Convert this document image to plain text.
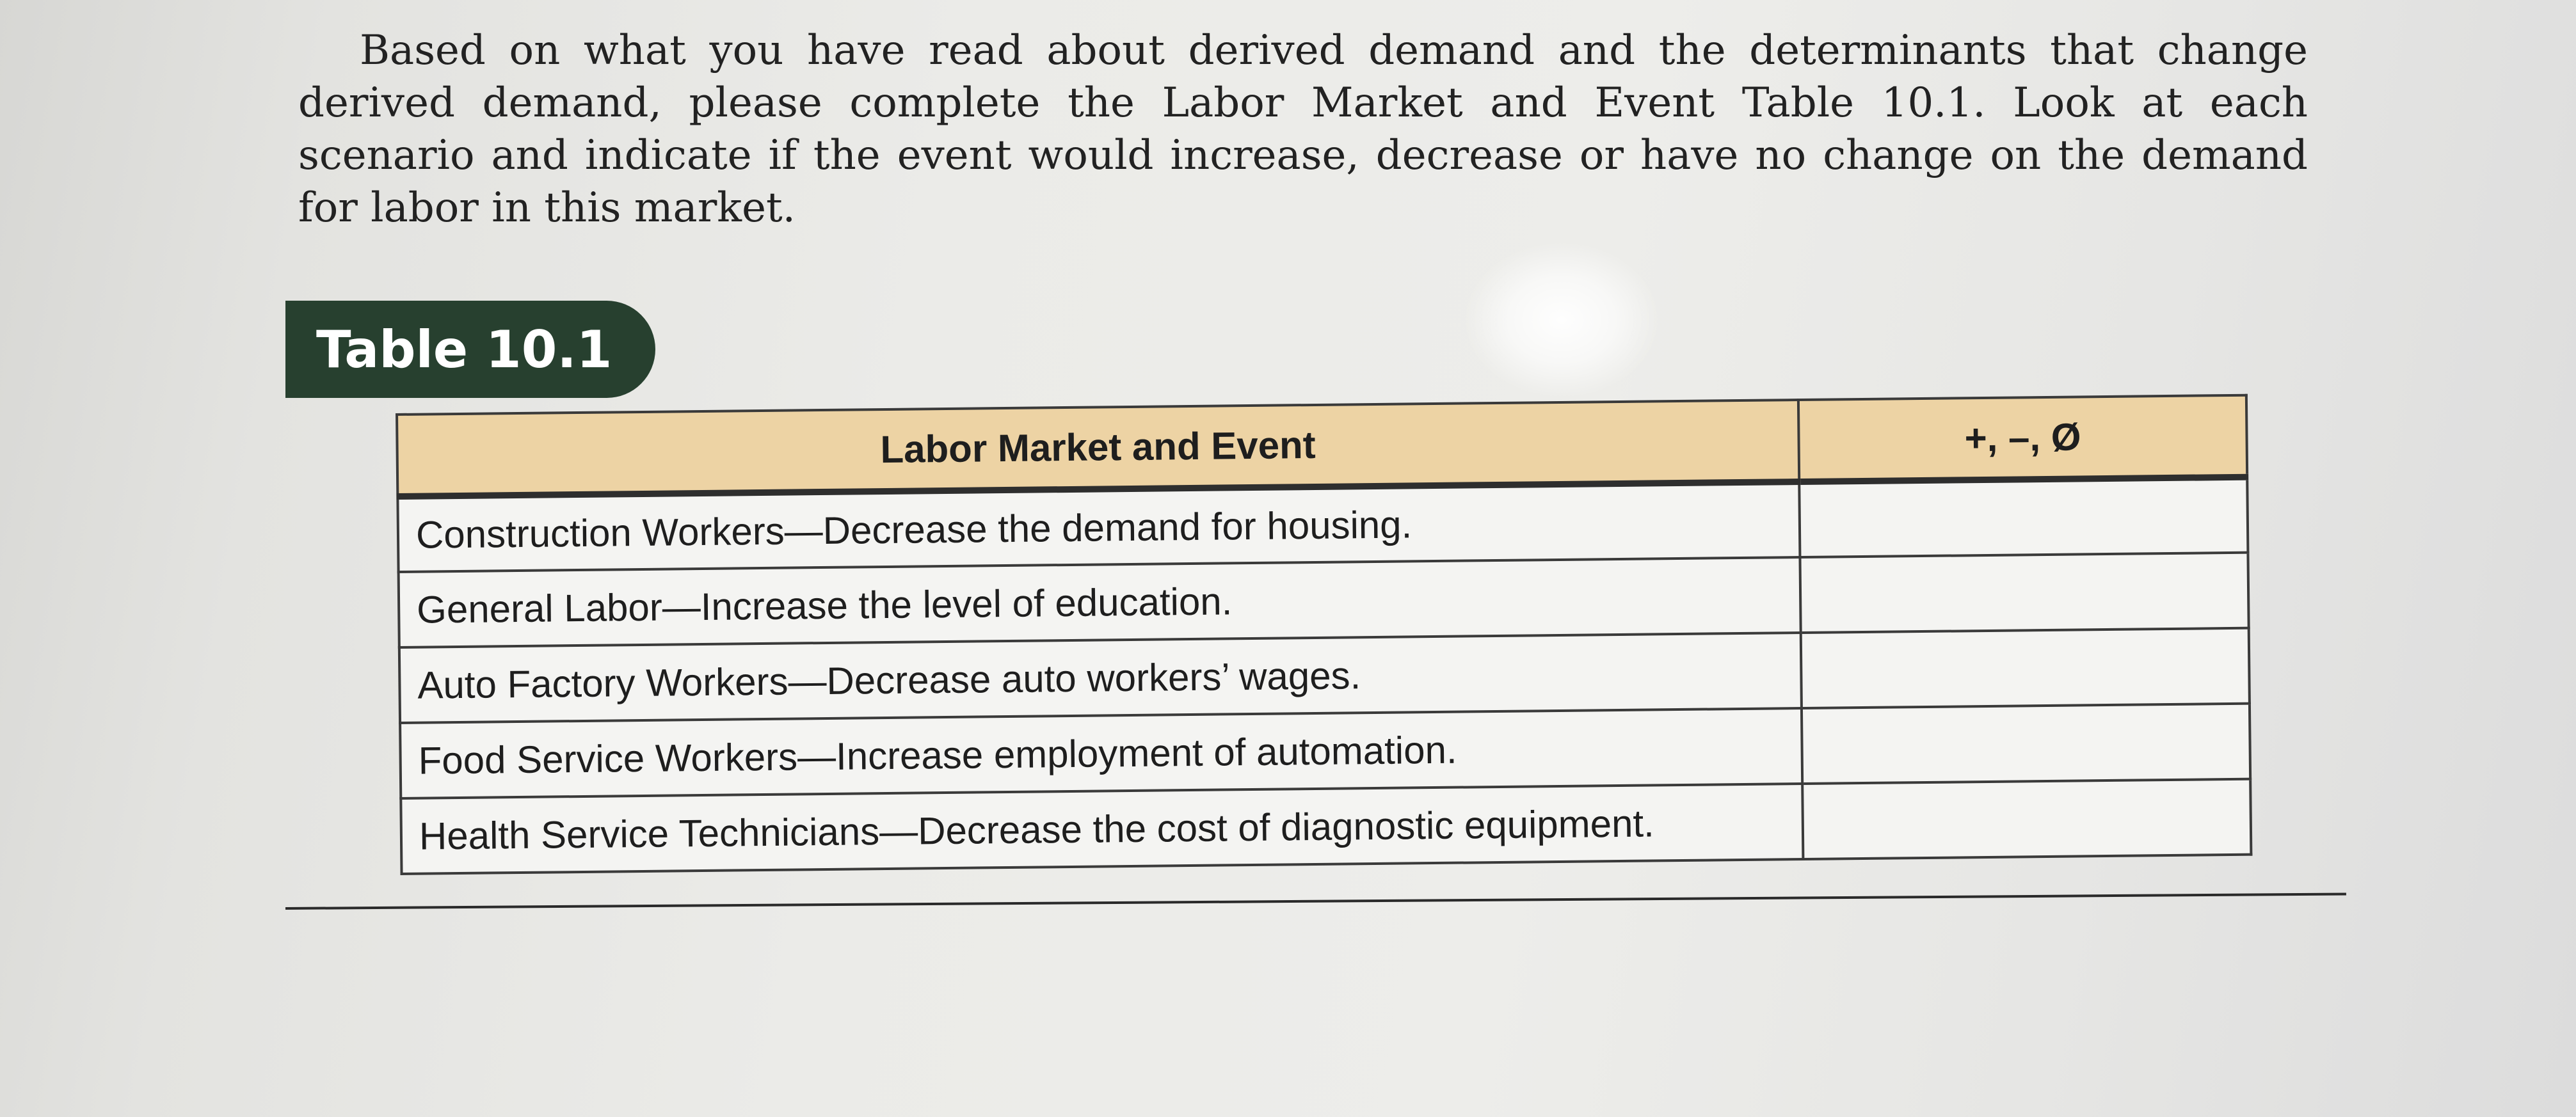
Based on what you have read about derived demand and the determinants that change derived demand, please complete the Labor Market and Event Table 10.1. Look at each scenario and indicate if the event would increase, decrease or have no change on the demand for labor in this market.

Table 10.1
Labor Market and Event	+, –, Ø
Construction Workers—Decrease the demand for housing.	
General Labor—Increase the level of education.	
Auto Factory Workers—Decrease auto workers’ wages.	
Food Service Workers—Increase employment of automation.	
Health Service Technicians—Decrease the cost of diagnostic equipment.	
